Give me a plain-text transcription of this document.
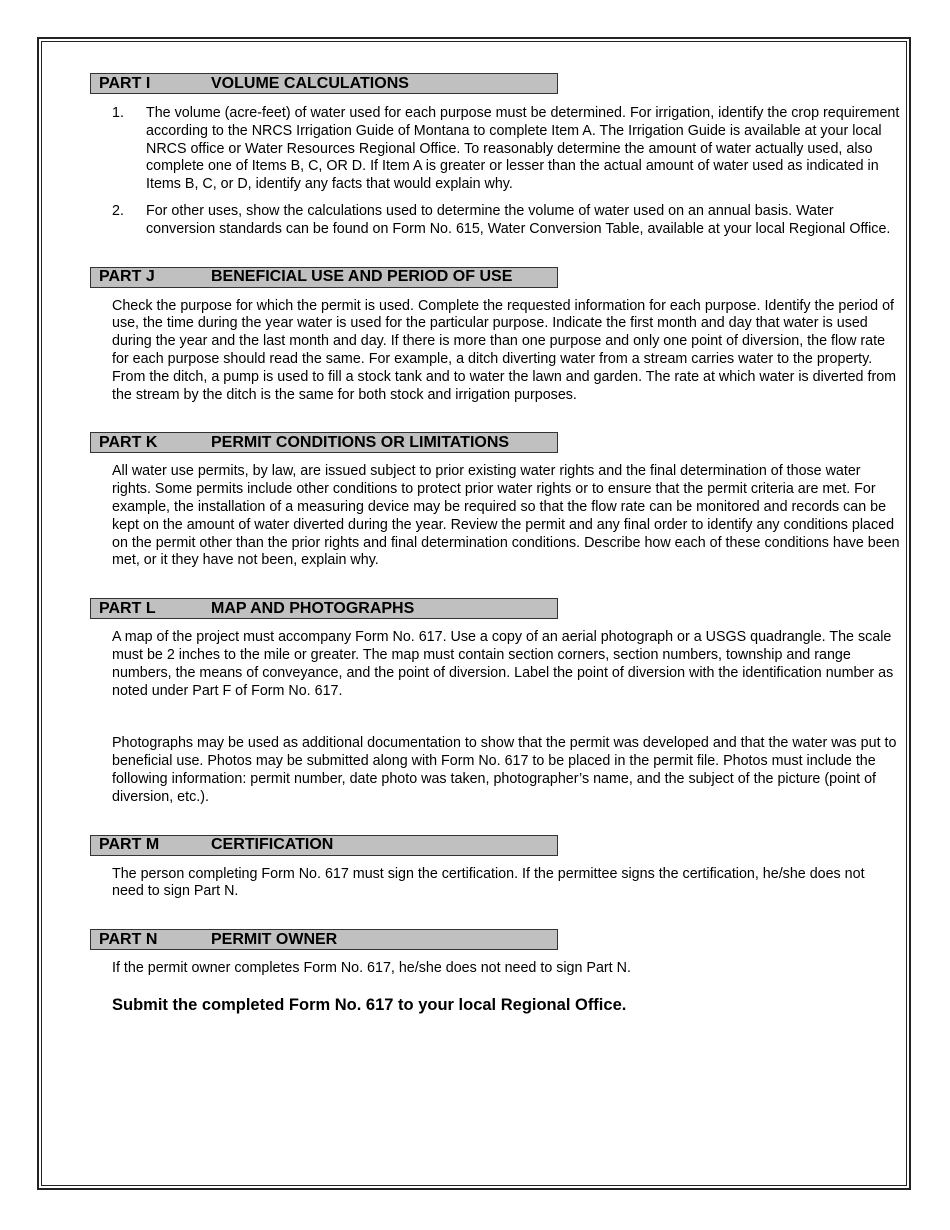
PART I	VOLUME CALCULATIONS
1.	The volume (acre-feet) of water used for each purpose must be determined. For irrigation, identify the crop requirement according to the NRCS Irrigation Guide of Montana to complete Item A. The Irrigation Guide is available at your local NRCS office or Water Resources Regional Office. To reasonably determine the amount of water actually used, also complete one of Items B, C, OR D. If Item A is greater or lesser than the actual amount of water used as indicated in Items B, C, or D, identify any facts that would explain why.
2.	For other uses, show the calculations used to determine the volume of water used on an annual basis. Water conversion standards can be found on Form No. 615, Water Conversion Table, available at your local Regional Office.
PART J	BENEFICIAL USE AND PERIOD OF USE

Check the purpose for which the permit is used. Complete the requested information for each purpose. Identify the period of use, the time during the year water is used for the particular purpose. Indicate the first month and day that water is used during the year and the last month and day. If there is more than one purpose and only one point of diversion, the flow rate for each purpose should read the same. For example, a ditch diverting water from a stream carries water to the property. From the ditch, a pump is used to fill a stock tank and to water the lawn and garden. The rate at which water is diverted from the stream by the ditch is the same for both stock and irrigation purposes.

PART K	PERMIT CONDITIONS OR LIMITATIONS

All water use permits, by law, are issued subject to prior existing water rights and the final determination of those water rights. Some permits include other conditions to protect prior water rights or to ensure that the permit criteria are met. For example, the installation of a measuring device may be required so that the flow rate can be monitored and records can be kept on the amount of water diverted during the year. Review the permit and any final order to identify any conditions placed on the permit other than the prior rights and final determination conditions. Describe how each of these conditions have been met, or it they have not been, explain why.

PART L	MAP AND PHOTOGRAPHS

A map of the project must accompany Form No. 617. Use a copy of an aerial photograph or a USGS quadrangle. The scale must be 2 inches to the mile or greater. The map must contain section corners, section numbers, township and range numbers, the means of conveyance, and the point of diversion. Label the point of diversion with the identification number as noted under Part F of Form No. 617.

Photographs may be used as additional documentation to show that the permit was developed and that the water was put to beneficial use. Photos may be submitted along with Form No. 617 to be placed in the permit file. Photos must include the following information: permit number, date photo was taken, photographer’s name, and the subject of the picture (point of diversion, etc.).

PART M	CERTIFICATION

The person completing Form No. 617 must sign the certification. If the permittee signs the certification, he/she does not need to sign Part N.

PART N	PERMIT OWNER

If the permit owner completes Form No. 617, he/she does not need to sign Part N.

Submit the completed Form No. 617 to your local Regional Office.
